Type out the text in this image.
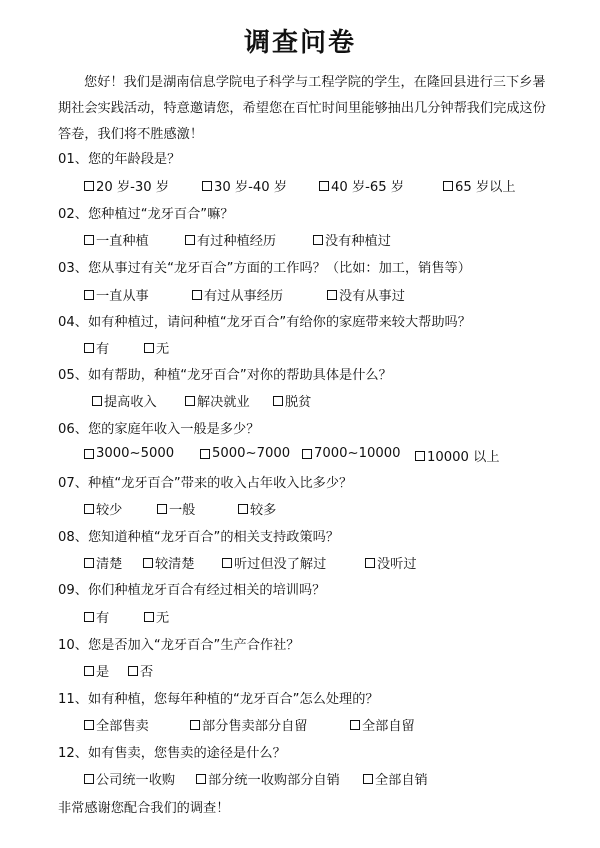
调查问卷
您好！我们是湖南信息学院电子科学与工程学院的学生，在隆回县进行三下乡暑期社会实践活动，特意邀请您，希望您在百忙时间里能够抽出几分钟帮我们完成这份答卷，我们将不胜感激！
01、您的年龄段是？
20 岁-30 岁	30 岁-40 岁	40 岁-65 岁	65 岁以上
02、您种植过“龙牙百合”嘛？
一直种植	有过种植经历	没有种植过
03、您从事过有关“龙牙百合”方面的工作吗？（比如：加工，销售等）
一直从事	有过从事经历	没有从事过
04、如有种植过，请问种植“龙牙百合”有给你的家庭带来较大帮助吗？
有	无
05、如有帮助，种植“龙牙百合”对你的帮助具体是什么？
提高收入	解决就业	脱贫
06、您的家庭年收入一般是多少？
3000~5000	5000~7000 7000~10000 10000 以上
07、种植“龙牙百合”带来的收入占年收入比多少？
较少	一般	较多
08、您知道种植“龙牙百合”的相关支持政策吗？
清楚 较清楚	听过但没了解过	没听过
09、你们种植龙牙百合有经过相关的培训吗？
有	无
10、您是否加入“龙牙百合”生产合作社？
是 否
11、如有种植，您每年种植的“龙牙百合”怎么处理的？
全部售卖	部分售卖部分自留	全部自留
12、如有售卖，您售卖的途径是什么？
公司统一收购 部分统一收购部分自销	全部自销
非常感谢您配合我们的调查！
